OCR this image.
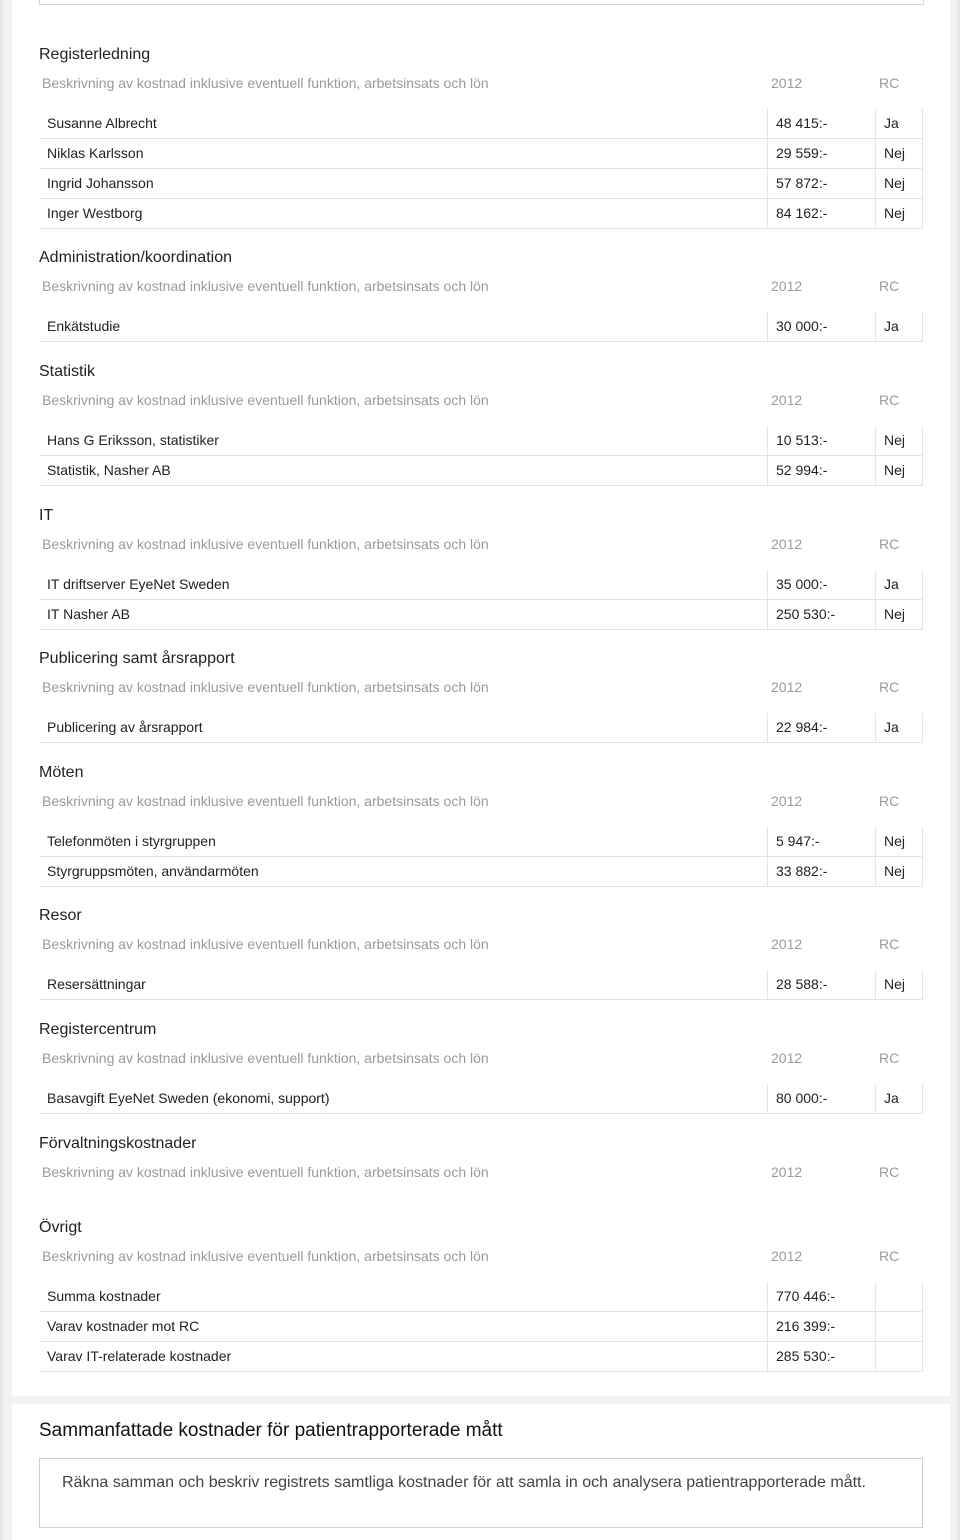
Registerledning
Beskrivning av kostnad inklusive eventuell funktion, arbetsinsats och lön	2012	RC
Susanne Albrecht	48 415:-	Ja
Niklas Karlsson	29 559:-	Nej
Ingrid Johansson	57 872:-	Nej
Inger Westborg	84 162:-	Nej
Administration/koordination
Beskrivning av kostnad inklusive eventuell funktion, arbetsinsats och lön	2012	RC
Enkätstudie	30 000:-	Ja
Statistik
Beskrivning av kostnad inklusive eventuell funktion, arbetsinsats och lön	2012	RC
Hans G Eriksson, statistiker	10 513:-	Nej
Statistik, Nasher AB	52 994:-	Nej
IT
Beskrivning av kostnad inklusive eventuell funktion, arbetsinsats och lön	2012	RC
IT driftserver EyeNet Sweden	35 000:-	Ja
IT Nasher AB	250 530:-	Nej
Publicering samt årsrapport
Beskrivning av kostnad inklusive eventuell funktion, arbetsinsats och lön	2012	RC
Publicering av årsrapport	22 984:-	Ja
Möten
Beskrivning av kostnad inklusive eventuell funktion, arbetsinsats och lön	2012	RC
Telefonmöten i styrgruppen	5 947:-	Nej
Styrgruppsmöten, användarmöten	33 882:-	Nej
Resor
Beskrivning av kostnad inklusive eventuell funktion, arbetsinsats och lön	2012	RC
Resersättningar	28 588:-	Nej
Registercentrum
Beskrivning av kostnad inklusive eventuell funktion, arbetsinsats och lön	2012	RC
Basavgift EyeNet Sweden (ekonomi, support)	80 000:-	Ja
Förvaltningskostnader
Beskrivning av kostnad inklusive eventuell funktion, arbetsinsats och lön	2012	RC
Övrigt
Beskrivning av kostnad inklusive eventuell funktion, arbetsinsats och lön	2012	RC
Summa kostnader	770 446:-
Varav kostnader mot RC	216 399:-
Varav IT-relaterade kostnader	285 530:-
Sammanfattade kostnader för patientrapporterade mått
Räkna samman och beskriv registrets samtliga kostnader för att samla in och analysera patientrapporterade mått.
